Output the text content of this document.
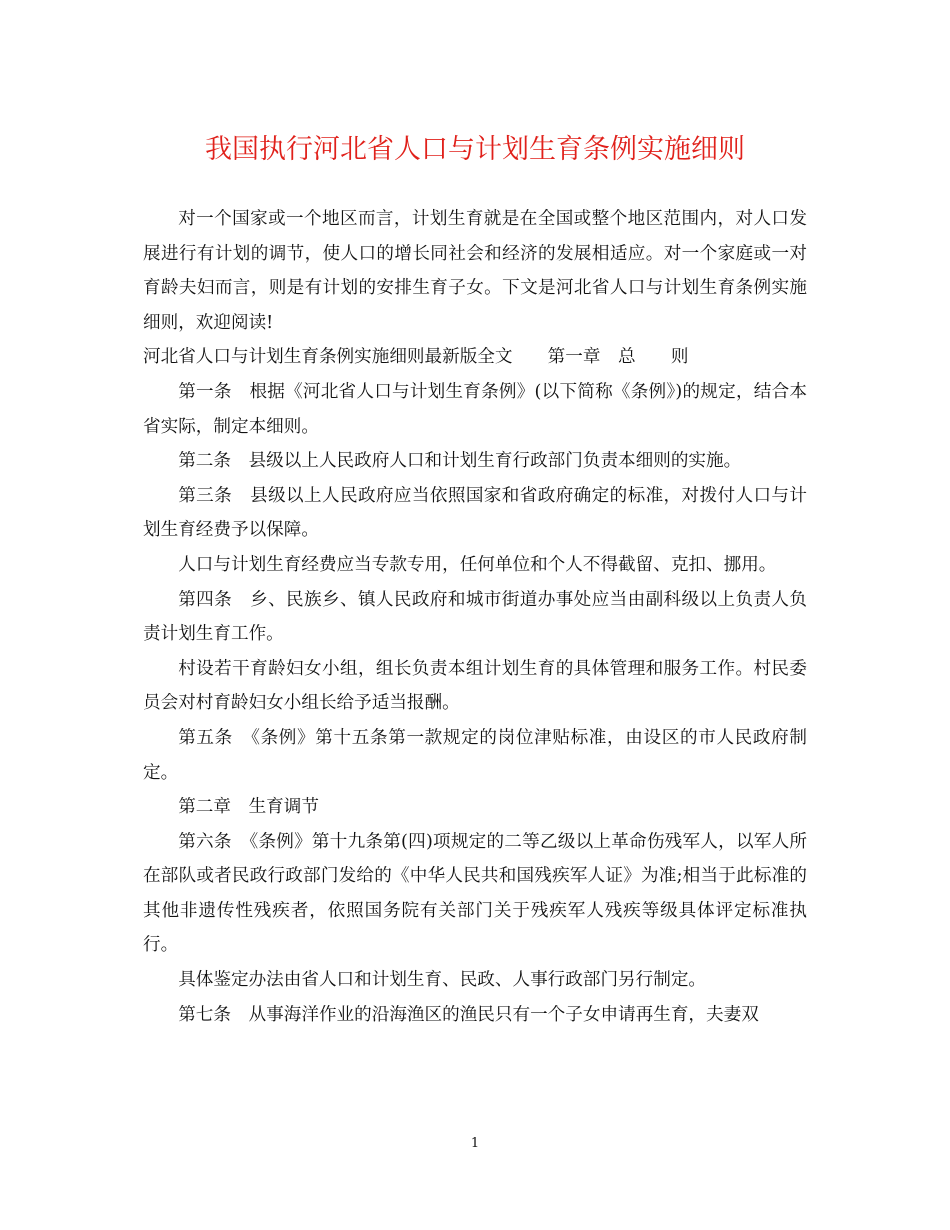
我国执行河北省人口与计划生育条例实施细则

对一个国家或一个地区而言，计划生育就是在全国或整个地区范围内，对人口发展进行有计划的调节，使人口的增长同社会和经济的发展相适应。对一个家庭或一对育龄夫妇而言，则是有计划的安排生育子女。下文是河北省人口与计划生育条例实施细则，欢迎阅读!

河北省人口与计划生育条例实施细则最新版全文　　第一章　总　　则

第一条　根据《河北省人口与计划生育条例》(以下简称《条例》)的规定，结合本省实际，制定本细则。

第二条　县级以上人民政府人口和计划生育行政部门负责本细则的实施。

第三条　县级以上人民政府应当依照国家和省政府确定的标准，对拨付人口与计划生育经费予以保障。

人口与计划生育经费应当专款专用，任何单位和个人不得截留、克扣、挪用。

第四条　乡、民族乡、镇人民政府和城市街道办事处应当由副科级以上负责人负责计划生育工作。

村设若干育龄妇女小组，组长负责本组计划生育的具体管理和服务工作。村民委员会对村育龄妇女小组长给予适当报酬。

第五条　《条例》第十五条第一款规定的岗位津贴标准，由设区的市人民政府制定。

第二章　生育调节

第六条　《条例》第十九条第(四)项规定的二等乙级以上革命伤残军人，以军人所在部队或者民政行政部门发给的《中华人民共和国残疾军人证》为准;相当于此标准的其他非遗传性残疾者，依照国务院有关部门关于残疾军人残疾等级具体评定标准执行。

具体鉴定办法由省人口和计划生育、民政、人事行政部门另行制定。

第七条　从事海洋作业的沿海渔区的渔民只有一个子女申请再生育，夫妻双

1
